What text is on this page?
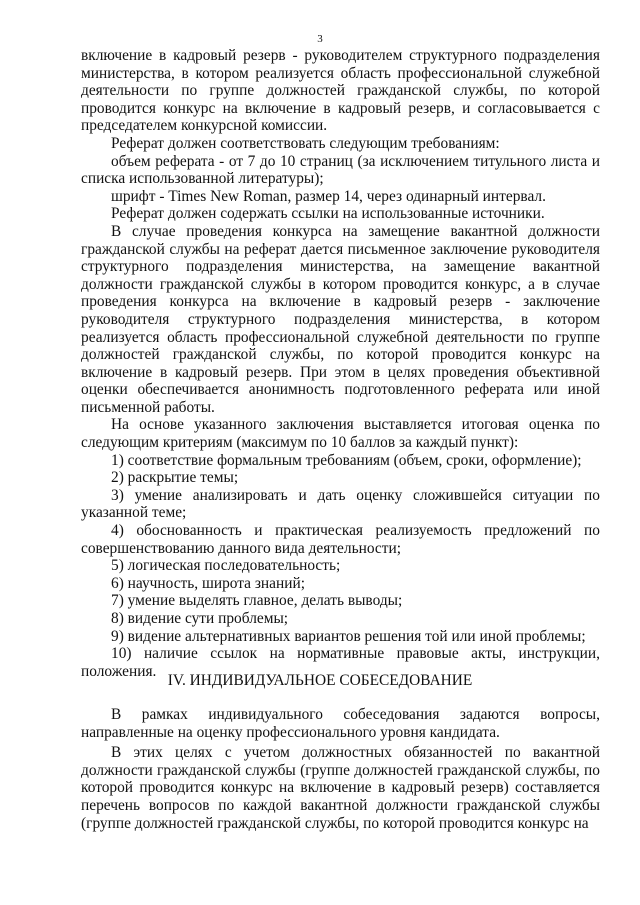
3

включение в кадровый резерв - руководителем структурного подразделения министерства, в котором реализуется область профессиональной служебной деятельности по группе должностей гражданской службы, по которой проводится конкурс на включение в кадровый резерв, и согласовывается с председателем конкурсной комиссии.

Реферат должен соответствовать следующим требованиям:

объем реферата - от 7 до 10 страниц (за исключением титульного листа и списка использованной литературы);

шрифт - Times New Roman, размер 14, через одинарный интервал.

Реферат должен содержать ссылки на использованные источники.

В случае проведения конкурса на замещение вакантной должности гражданской службы на реферат дается письменное заключение руководителя структурного подразделения министерства, на замещение вакантной должности гражданской службы в котором проводится конкурс, а в случае проведения конкурса на включение в кадровый резерв - заключение руководителя структурного подразделения министерства, в котором реализуется область профессиональной служебной деятельности по группе должностей гражданской службы, по которой проводится конкурс на включение в кадровый резерв. При этом в целях проведения объективной оценки обеспечивается анонимность подготовленного реферата или иной письменной работы.

На основе указанного заключения выставляется итоговая оценка по следующим критериям (максимум по 10 баллов за каждый пункт):

1) соответствие формальным требованиям (объем, сроки, оформление);

2) раскрытие темы;

3) умение анализировать и дать оценку сложившейся ситуации по указанной теме;

4) обоснованность и практическая реализуемость предложений по совершенствованию данного вида деятельности;

5) логическая последовательность;

6) научность, широта знаний;

7) умение выделять главное, делать выводы;

8) видение сути проблемы;

9) видение альтернативных вариантов решения той или иной проблемы;

10) наличие ссылок на нормативные правовые акты, инструкции, положения.

IV. ИНДИВИДУАЛЬНОЕ СОБЕСЕДОВАНИЕ

В рамках индивидуального собеседования задаются вопросы, направленные на оценку профессионального уровня кандидата.

В этих целях с учетом должностных обязанностей по вакантной должности гражданской службы (группе должностей гражданской службы, по которой проводится конкурс на включение в кадровый резерв) составляется перечень вопросов по каждой вакантной должности гражданской службы (группе должностей гражданской службы, по которой проводится конкурс на
